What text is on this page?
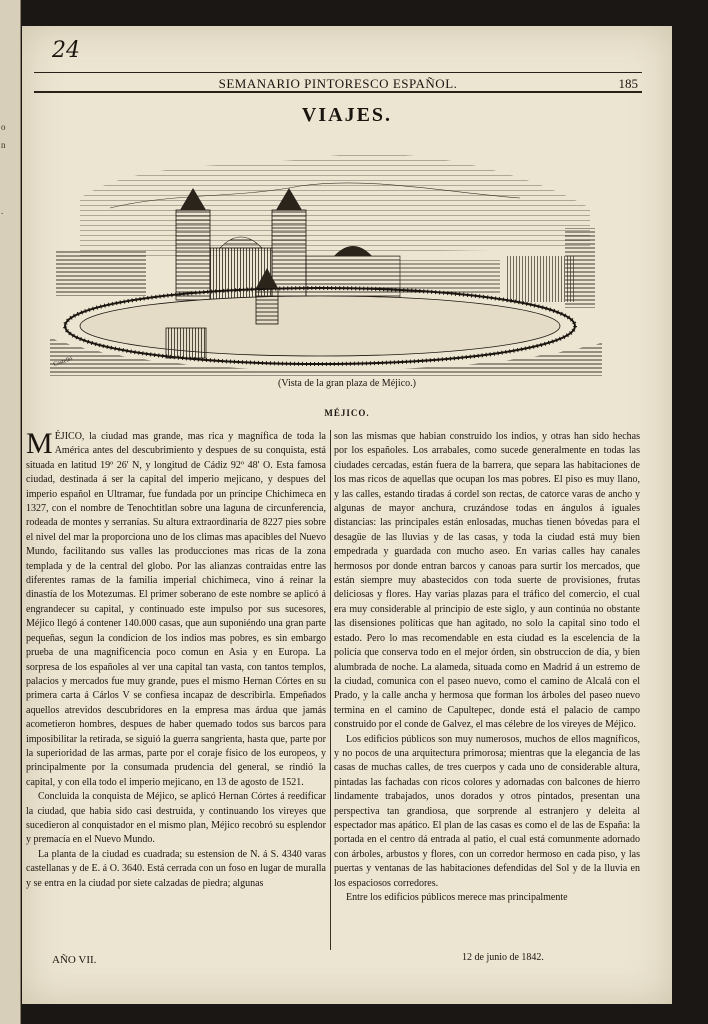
o
n
.
24
SEMANARIO PINTORESCO ESPAÑOL.	185
VIAJES.
Castelló
(Vista de la gran plaza de Méjico.)
MÉJICO.

MÉJICO, la ciudad mas grande, mas rica y magnífica de toda la América antes del descubrimiento y despues de su conquista, está situada en latitud 19º 26' N, y longitud de Cádiz 92º 48' O. Esta famosa ciudad, destinada á ser la capital del imperio mejicano, y despues del imperio español en Ultramar, fue fundada por un príncipe Chichimeca en 1327, con el nombre de Tenochtitlan sobre una laguna de circunferencia, rodeada de montes y serranías. Su altura extraordinaria de 8227 pies sobre el nivel del mar la proporciona uno de los climas mas apacibles del Nuevo Mundo, facilitando sus valles las producciones mas ricas de la zona templada y de la central del globo. Por las alianzas contraidas entre las diferentes ramas de la familia imperial chichimeca, vino á reinar la dinastía de los Motezumas. El primer soberano de este nombre se aplicó á engrandecer su capital, y continuado este impulso por sus sucesores, Méjico llegó á contener 140.000 casas, que aun suponiéndo una gran parte pequeñas, segun la condicion de los indios mas pobres, es sin embargo prueba de una magnificencia poco comun en Asia y en Europa. La sorpresa de los españoles al ver una capital tan vasta, con tantos templos, palacios y mercados fue muy grande, pues el mismo Hernan Córtes en su primera carta á Cárlos V se confiesa incapaz de describirla. Empeñados aquellos atrevidos descubridores en la empresa mas árdua que jamás acometieron hombres, despues de haber quemado todos sus barcos para imposibilitar la retirada, se siguió la guerra sangrienta, hasta que, parte por la superioridad de las armas, parte por el coraje físico de los europeos, y principalmente por la consumada prudencia del general, se rindió la capital, y con ella todo el imperio mejicano, en 13 de agosto de 1521.

Concluida la conquista de Méjico, se aplicó Hernan Córtes á reedificar la ciudad, que habia sido casi destruida, y continuando los vireyes que sucedieron al conquistador en el mismo plan, Méjico recobró su esplendor y premacía en el Nuevo Mundo.

La planta de la ciudad es cuadrada; su estension de N. á S. 4340 varas castellanas y de E. á O. 3640. Está cerrada con un foso en lugar de muralla y se entra en la ciudad por siete calzadas de piedra; algunas

son las mismas que habian construido los indios, y otras han sido hechas por los españoles. Los arrabales, como sucede generalmente en todas las ciudades cercadas, están fuera de la barrera, que separa las habitaciones de los mas ricos de aquellas que ocupan los mas pobres. El piso es muy llano, y las calles, estando tiradas á cordel son rectas, de catorce varas de ancho y algunas de mayor anchura, cruzándose todas en ángulos á iguales distancias: las principales están enlosadas, muchas tienen bóvedas para el desagüe de las lluvias y de las casas, y toda la ciudad está muy bien empedrada y guardada con mucho aseo. En varias calles hay canales hermosos por donde entran barcos y canoas para surtir los mercados, que están siempre muy abastecidos con toda suerte de provisiones, frutas deliciosas y flores. Hay varias plazas para el tráfico del comercio, el cual era muy considerable al principio de este siglo, y aun continúa no obstante las disensiones políticas que han agitado, no solo la capital sino todo el estado. Pero lo mas recomendable en esta ciudad es la escelencia de la policía que conserva todo en el mejor órden, sin obstruccion de dia, y bien alumbrada de noche. La alameda, situada como en Madrid á un estremo de la ciudad, comunica con el paseo nuevo, como el camino de Alcalá con el Prado, y la calle ancha y hermosa que forman los árboles del paseo nuevo termina en el camino de Capultepec, donde está el palacio de campo construido por el conde de Galvez, el mas célebre de los vireyes de Méjico.

Los edificios públicos son muy numerosos, muchos de ellos magníficos, y no pocos de una arquitectura primorosa; mientras que la elegancia de las casas de muchas calles, de tres cuerpos y cada uno de considerable altura, pintadas las fachadas con ricos colores y adornadas con balcones de hierro lindamente trabajados, unos dorados y otros pintados, presentan una perspectiva tan grandiosa, que sorprende al estranjero y deleita al espectador mas apático. El plan de las casas es como el de las de España: la portada en el centro dá entrada al patio, el cual está comunmente adornado con árboles, arbustos y flores, con un corredor hermoso en cada piso, y las puertas y ventanas de las habitaciones defendidas del Sol y de la lluvia en los espaciosos corredores.

Entre los edificios públicos merece mas principalmente

AÑO VII.	12 de junio de 1842.
